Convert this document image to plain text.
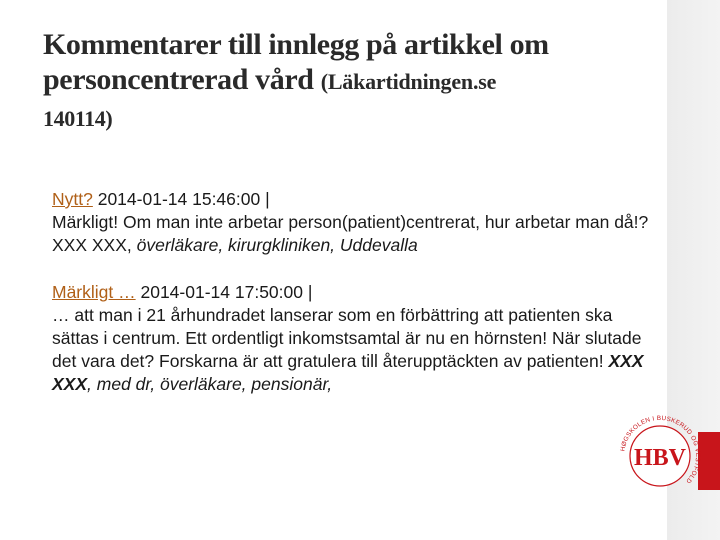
Kommentarer till innlegg på artikkel om
personcentrerad vård (Läkartidningen.se
140114)
Nytt? 2014-01-14 15:46:00 |
Märkligt! Om man inte arbetar person(patient)centrerat, hur arbetar man då!? XXX XXX, överläkare, kirurgkliniken, Uddevalla
Märkligt … 2014-01-14 17:50:00 |
… att man i 21 århundradet lanserar som en förbättring att patienten ska sättas i centrum. Ett ordentligt inkomstsamtal är nu en hörnsten! När slutade det vara det? Forskarna är att gratulera till återupptäckten av patienten! XXX XXX, med dr, överläkare, pensionär,
HØGSKOLEN I BUSKERUD OG VESTFOLD
HBV
